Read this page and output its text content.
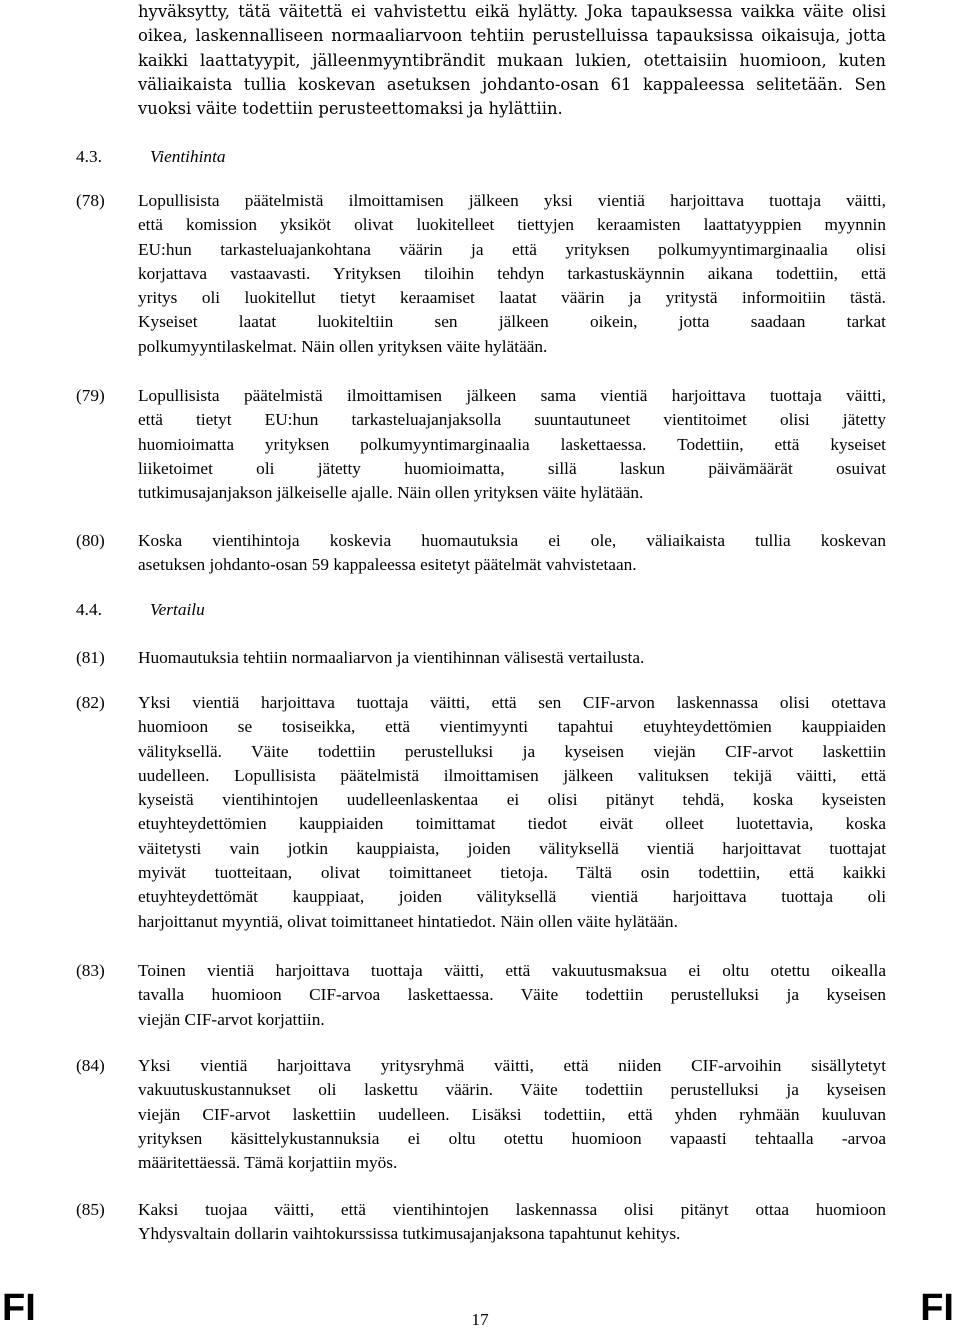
hyväksytty, tätä väitettä ei vahvistettu eikä hylätty. Joka tapauksessa vaikka väite olisi
oikea, laskennalliseen normaaliarvoon tehtiin perustelluissa tapauksissa oikaisuja, jotta
kaikki laattatyypit, jälleenmyyntibrändit mukaan lukien, otettaisiin huomioon, kuten
väliaikaista tullia koskevan asetuksen johdanto-osan 61 kappaleessa selitetään. Sen
vuoksi väite todettiin perusteettomaksi ja hylättiin.
4.3.	Vientihinta
(78) Lopullisista päätelmistä ilmoittamisen jälkeen yksi vientiä harjoittava tuottaja väitti,
että komission yksiköt olivat luokitelleet tiettyjen keraamisten laattatyyppien myynnin
EU:hun tarkasteluajankohtana väärin ja että yrityksen polkumyyntimarginaalia olisi
korjattava vastaavasti. Yrityksen tiloihin tehdyn tarkastuskäynnin aikana todettiin, että
yritys oli luokitellut tietyt keraamiset laatat väärin ja yritystä informoitiin tästä.
Kyseiset laatat luokiteltiin sen jälkeen oikein, jotta saadaan tarkat
polkumyyntilaskelmat. Näin ollen yrityksen väite hylätään.
(79) Lopullisista päätelmistä ilmoittamisen jälkeen sama vientiä harjoittava tuottaja väitti,
että tietyt EU:hun tarkasteluajanjaksolla suuntautuneet vientitoimet olisi jätetty
huomioimatta yrityksen polkumyyntimarginaalia laskettaessa. Todettiin, että kyseiset
liiketoimet oli jätetty huomioimatta, sillä laskun päivämäärät osuivat
tutkimusajanjakson jälkeiselle ajalle. Näin ollen yrityksen väite hylätään.
(80) Koska vientihintoja koskevia huomautuksia ei ole, väliaikaista tullia koskevan
asetuksen johdanto-osan 59 kappaleessa esitetyt päätelmät vahvistetaan.
4.4.	Vertailu
(81) Huomautuksia tehtiin normaaliarvon ja vientihinnan välisestä vertailusta.
(82) Yksi vientiä harjoittava tuottaja väitti, että sen CIF-arvon laskennassa olisi otettava
huomioon se tosiseikka, että vientimyynti tapahtui etuyhteydettömien kauppiaiden
välityksellä. Väite todettiin perustelluksi ja kyseisen viejän CIF-arvot laskettiin
uudelleen. Lopullisista päätelmistä ilmoittamisen jälkeen valituksen tekijä väitti, että
kyseistä vientihintojen uudelleenlaskentaa ei olisi pitänyt tehdä, koska kyseisten
etuyhteydettömien kauppiaiden toimittamat tiedot eivät olleet luotettavia, koska
väitetysti vain jotkin kauppiaista, joiden välityksellä vientiä harjoittavat tuottajat
myivät tuotteitaan, olivat toimittaneet tietoja. Tältä osin todettiin, että kaikki
etuyhteydettömät kauppiaat, joiden välityksellä vientiä harjoittava tuottaja oli
harjoittanut myyntiä, olivat toimittaneet hintatiedot. Näin ollen väite hylätään.
(83) Toinen vientiä harjoittava tuottaja väitti, että vakuutusmaksua ei oltu otettu oikealla
tavalla huomioon CIF-arvoa laskettaessa. Väite todettiin perustelluksi ja kyseisen
viejän CIF-arvot korjattiin.
(84) Yksi vientiä harjoittava yritysryhmä väitti, että niiden CIF-arvoihin sisällytetyt
vakuutuskustannukset oli laskettu väärin. Väite todettiin perustelluksi ja kyseisen
viejän CIF-arvot laskettiin uudelleen. Lisäksi todettiin, että yhden ryhmään kuuluvan
yrityksen käsittelykustannuksia ei oltu otettu huomioon vapaasti tehtaalla -arvoa
määritettäessä. Tämä korjattiin myös.
(85) Kaksi tuojaa väitti, että vientihintojen laskennassa olisi pitänyt ottaa huomioon
Yhdysvaltain dollarin vaihtokurssissa tutkimusajanjaksona tapahtunut kehitys.
FI	17	FI
